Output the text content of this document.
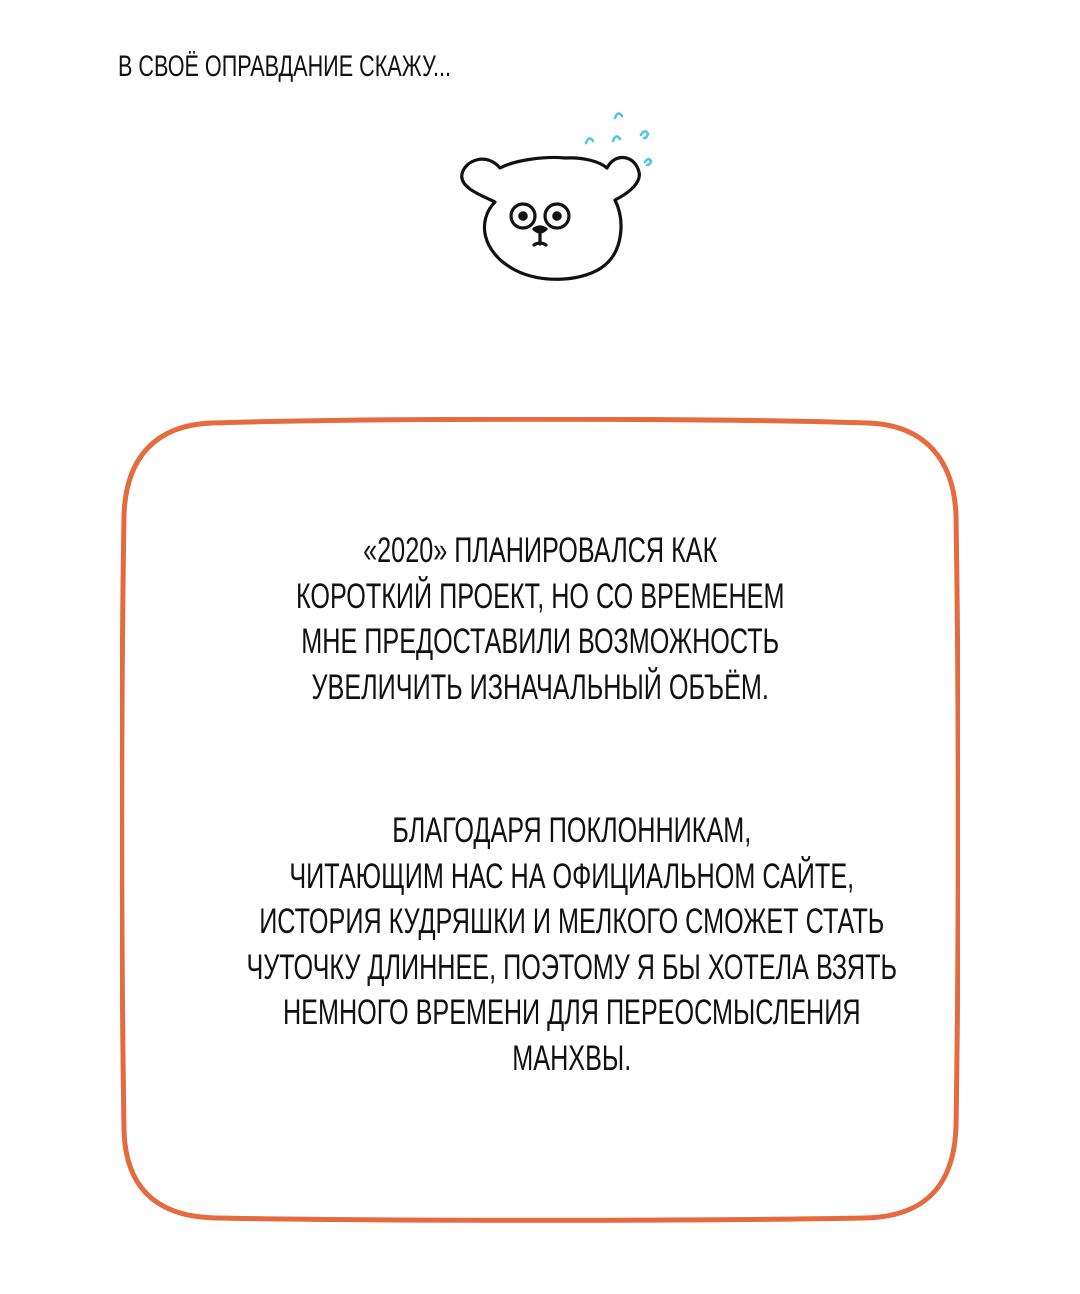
В СВОЁ ОПРАВДАНИЕ СКАЖУ...

«2020» ПЛАНИРОВАЛСЯ КАК
КОРОТКИЙ ПРОЕКТ, НО СО ВРЕМЕНЕМ
МНЕ ПРЕДОСТАВИЛИ ВОЗМОЖНОСТЬ
УВЕЛИЧИТЬ ИЗНАЧАЛЬНЫЙ ОБЪЁМ.

БЛАГОДАРЯ ПОКЛОННИКАМ,
ЧИТАЮЩИМ НАС НА ОФИЦИАЛЬНОМ САЙТЕ,
ИСТОРИЯ КУДРЯШКИ И МЕЛКОГО СМОЖЕТ СТАТЬ
ЧУТОЧКУ ДЛИННЕЕ, ПОЭТОМУ Я БЫ ХОТЕЛА ВЗЯТЬ
НЕМНОГО ВРЕМЕНИ ДЛЯ ПЕРЕОСМЫСЛЕНИЯ
МАНХВЫ.
